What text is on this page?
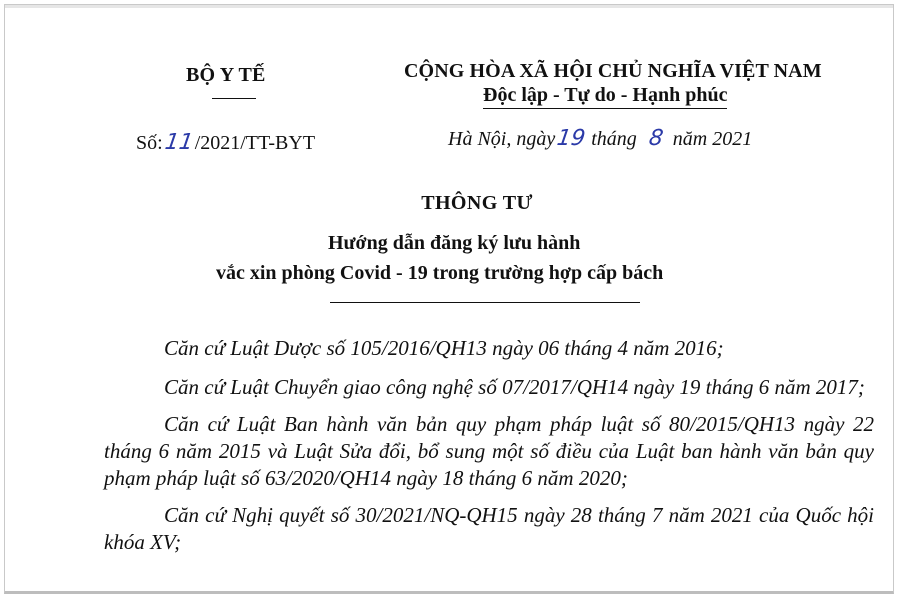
BỘ Y TẾ
Số:11/2021/TT-BYT
CỘNG HÒA XÃ HỘI CHỦ NGHĨA VIỆT NAM
Độc lập - Tự do - Hạnh phúc
Hà Nội, ngày19 tháng 8 năm 2021
THÔNG TƯ
Hướng dẫn đăng ký lưu hành
vắc xin phòng Covid - 19 trong trường hợp cấp bách

Căn cứ Luật Dược số 105/2016/QH13 ngày 06 tháng 4 năm 2016;

Căn cứ Luật Chuyển giao công nghệ số 07/2017/QH14 ngày 19 tháng 6 năm 2017;

Căn cứ Luật Ban hành văn bản quy phạm pháp luật số 80/2015/QH13 ngày 22 tháng 6 năm 2015 và Luật Sửa đổi, bổ sung một số điều của Luật ban hành văn bản quy phạm pháp luật số 63/2020/QH14 ngày 18 tháng 6 năm 2020;

Căn cứ Nghị quyết số 30/2021/NQ-QH15 ngày 28 tháng 7 năm 2021 của Quốc hội khóa XV;
